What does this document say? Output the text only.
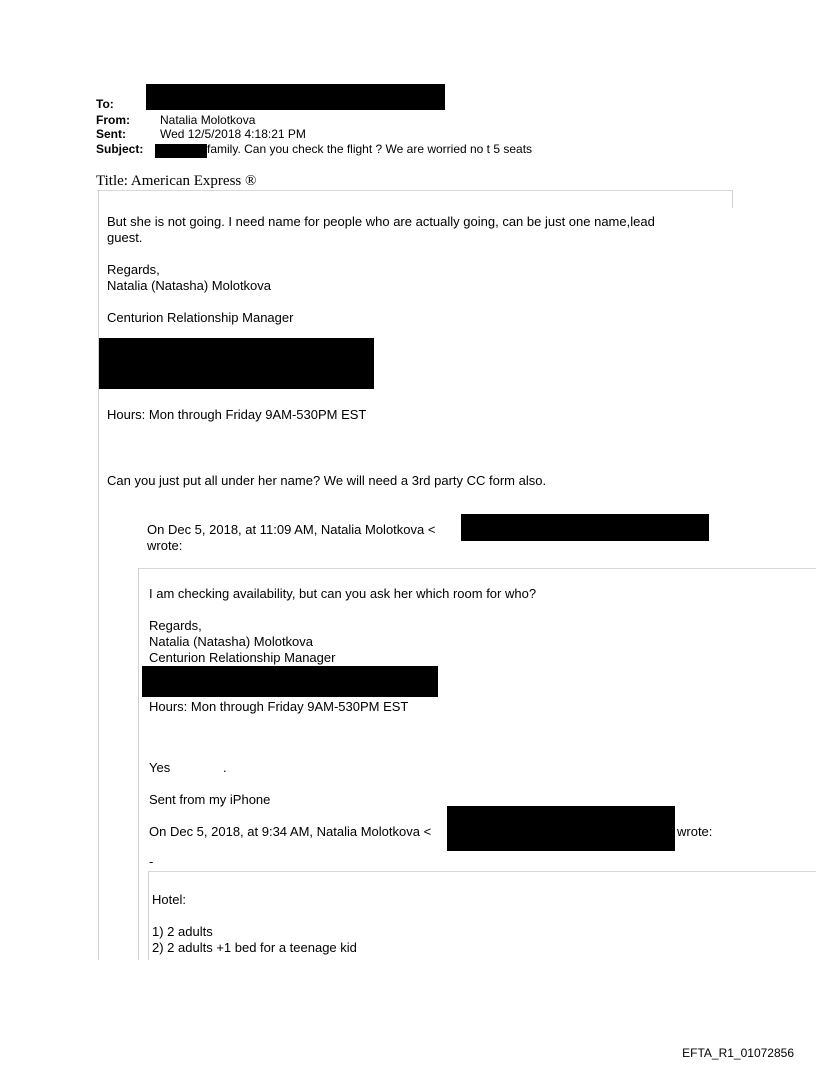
To:
From:	Natalia Molotkova
Sent:	Wed 12/5/2018 4:18:21 PM
Subject:	family. Can you check the flight ? We are worried no t 5 seats
Title: American Express ®
But she is not going. I need name for people who are actually going, can be just one name,lead
guest.
Regards,
Natalia (Natasha) Molotkova
Centurion Relationship Manager
Hours: Mon through Friday 9AM-530PM EST
Can you just put all under her name? We will need a 3rd party CC form also.
On Dec 5, 2018, at 11:09 AM, Natalia Molotkova <
wrote:
I am checking availability, but can you ask her which room for who?
Regards,
Natalia (Natasha) Molotkova
Centurion Relationship Manager
Hours: Mon through Friday 9AM-530PM EST
Yes	.
Sent from my iPhone
On Dec 5, 2018, at 9:34 AM, Natalia Molotkova <	wrote:
-
Hotel:
1) 2 adults
2) 2 adults +1 bed for a teenage kid
EFTA_R1_01072856
